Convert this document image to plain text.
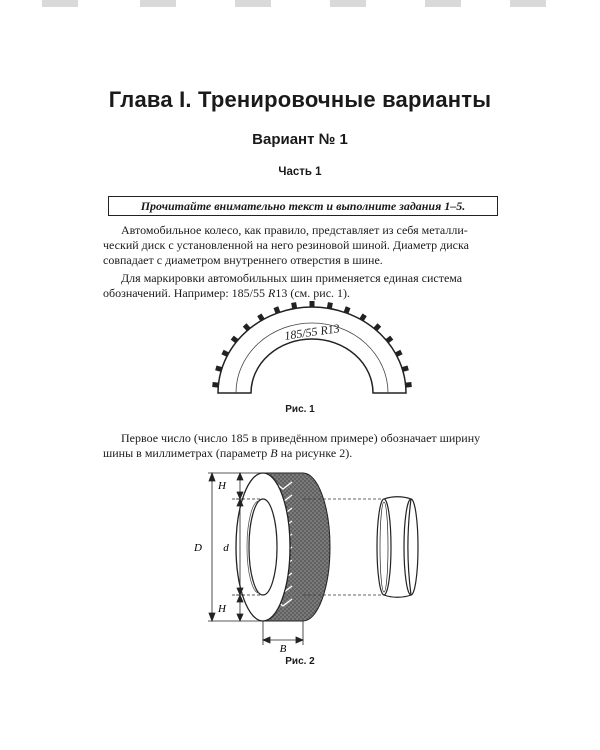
Глава I. Тренировочные варианты
Вариант № 1
Часть 1
Прочитайте внимательно текст и выполните задания 1–5.
Автомобильное колесо, как правило, представляет из себя металли-
ческий диск с установленной на него резиновой шиной. Диаметр диска
совпадает с диаметром внутреннего отверстия в шине.
Для маркировки автомобильных шин применяется единая система
обозначений. Например: 185/55 R13 (см. рис. 1).
185/55 R13
Рис. 1
Первое число (число 185 в приведённом примере) обозначает ширину
шины в миллиметрах (параметр B на рисунке 2).
H
D d
H
B
Рис. 2
